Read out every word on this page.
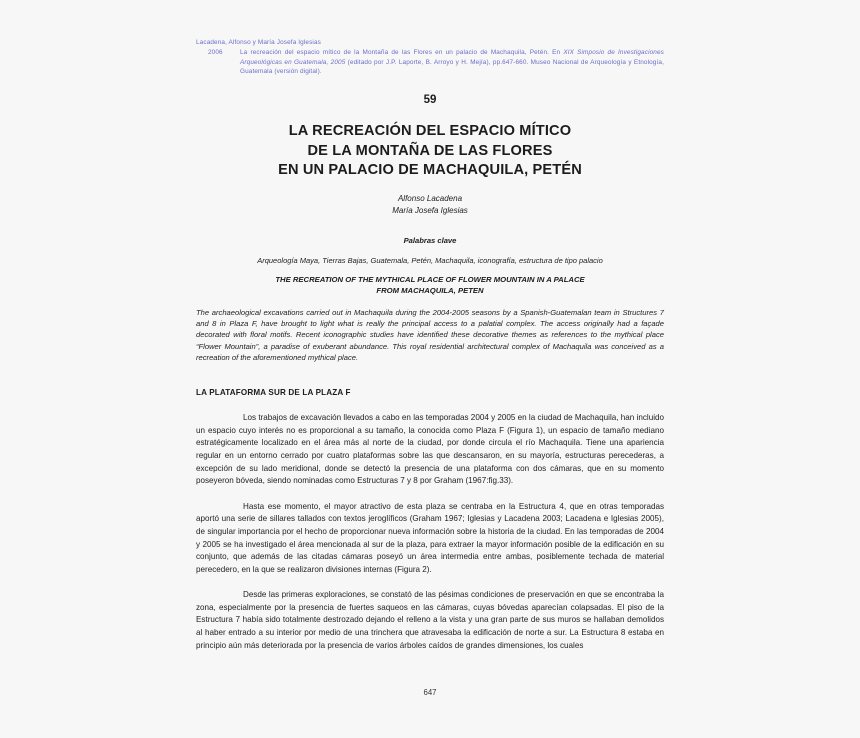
Lacadena, Alfonso y María Josefa Iglesias
2006	La recreación del espacio mítico de la Montaña de las Flores en un palacio de Machaquila, Petén. En XIX Simposio de Investigaciones Arqueológicas en Guatemala, 2005 (editado por J.P. Laporte, B. Arroyo y H. Mejía), pp.647-660. Museo Nacional de Arqueología y Etnología, Guatemala (versión digital).
59
LA RECREACIÓN DEL ESPACIO MÍTICO
DE LA MONTAÑA DE LAS FLORES
EN UN PALACIO DE MACHAQUILA, PETÉN
Alfonso Lacadena
María Josefa Iglesias
Palabras clave
Arqueología Maya, Tierras Bajas, Guatemala, Petén, Machaquila, iconografía, estructura de tipo palacio
THE RECREATION OF THE MYTHICAL PLACE OF FLOWER MOUNTAIN IN A PALACE
FROM MACHAQUILA, PETEN
The archaeological excavations carried out in Machaquila during the 2004-2005 seasons by a Spanish-Guatemalan team in Structures 7 and 8 in Plaza F, have brought to light what is really the principal access to a palatial complex. The access originally had a façade decorated with floral motifs. Recent iconographic studies have identified these decorative themes as references to the mythical place “Flower Mountain”, a paradise of exuberant abundance. This royal residential architectural complex of Machaquila was conceived as a recreation of the aforementioned mythical place.
LA PLATAFORMA SUR DE LA PLAZA F

Los trabajos de excavación llevados a cabo en las temporadas 2004 y 2005 en la ciudad de Machaquila, han incluido un espacio cuyo interés no es proporcional a su tamaño, la conocida como Plaza F (Figura 1), un espacio de tamaño mediano estratégicamente localizado en el área más al norte de la ciudad, por donde circula el río Machaquila. Tiene una apariencia regular en un entorno cerrado por cuatro plataformas sobre las que descansaron, en su mayoría, estructuras perecederas, a excepción de su lado meridional, donde se detectó la presencia de una plataforma con dos cámaras, que en su momento poseyeron bóveda, siendo nominadas como Estructuras 7 y 8 por Graham (1967:fig.33).

Hasta ese momento, el mayor atractivo de esta plaza se centraba en la Estructura 4, que en otras temporadas aportó una serie de sillares tallados con textos jeroglíficos (Graham 1967; Iglesias y Lacadena 2003; Lacadena e Iglesias 2005), de singular importancia por el hecho de proporcionar nueva información sobre la historia de la ciudad. En las temporadas de 2004 y 2005 se ha investigado el área mencionada al sur de la plaza, para extraer la mayor información posible de la edificación en su conjunto, que además de las citadas cámaras poseyó un área intermedia entre ambas, posiblemente techada de material perecedero, en la que se realizaron divisiones internas (Figura 2).

Desde las primeras exploraciones, se constató de las pésimas condiciones de preservación en que se encontraba la zona, especialmente por la presencia de fuertes saqueos en las cámaras, cuyas bóvedas aparecían colapsadas. El piso de la Estructura 7 había sido totalmente destrozado dejando el relleno a la vista y una gran parte de sus muros se hallaban demolidos al haber entrado a su interior por medio de una trinchera que atravesaba la edificación de norte a sur. La Estructura 8 estaba en principio aún más deteriorada por la presencia de varios árboles caídos de grandes dimensiones, los cuales

647
